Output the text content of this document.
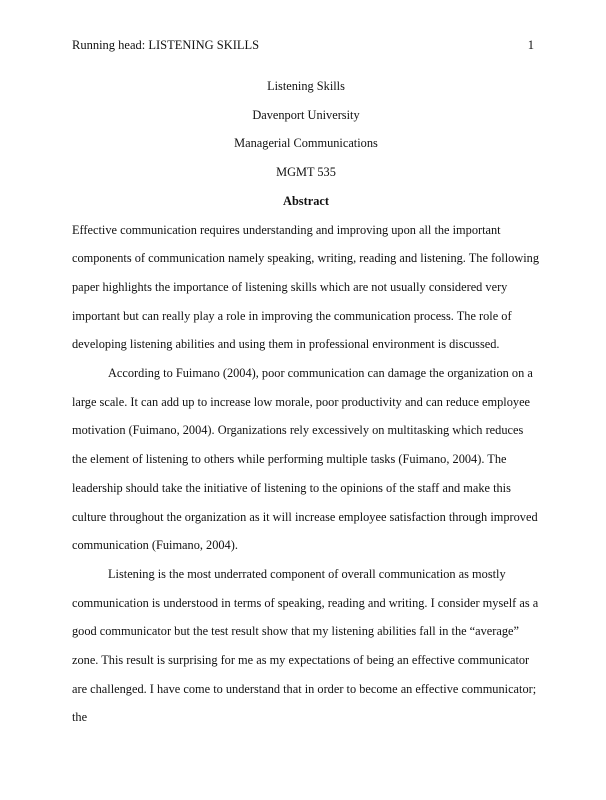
Running head: LISTENING SKILLS	1

Listening Skills

Davenport University

Managerial Communications

MGMT 535

Abstract

Effective communication requires understanding and improving upon all the important components of communication namely speaking, writing, reading and listening. The following paper highlights the importance of listening skills which are not usually considered very important but can really play a role in improving the communication process. The role of developing listening abilities and using them in professional environment is discussed.

According to Fuimano (2004), poor communication can damage the organization on a large scale. It can add up to increase low morale, poor productivity and can reduce employee motivation (Fuimano, 2004). Organizations rely excessively on multitasking which reduces the element of listening to others while performing multiple tasks (Fuimano, 2004). The leadership should take the initiative of listening to the opinions of the staff and make this culture throughout the organization as it will increase employee satisfaction through improved communication (Fuimano, 2004).

Listening is the most underrated component of overall communication as mostly communication is understood in terms of speaking, reading and writing. I consider myself as a good communicator but the test result show that my listening abilities fall in the “average” zone. This result is surprising for me as my expectations of being an effective communicator are challenged. I have come to understand that in order to become an effective communicator; the
